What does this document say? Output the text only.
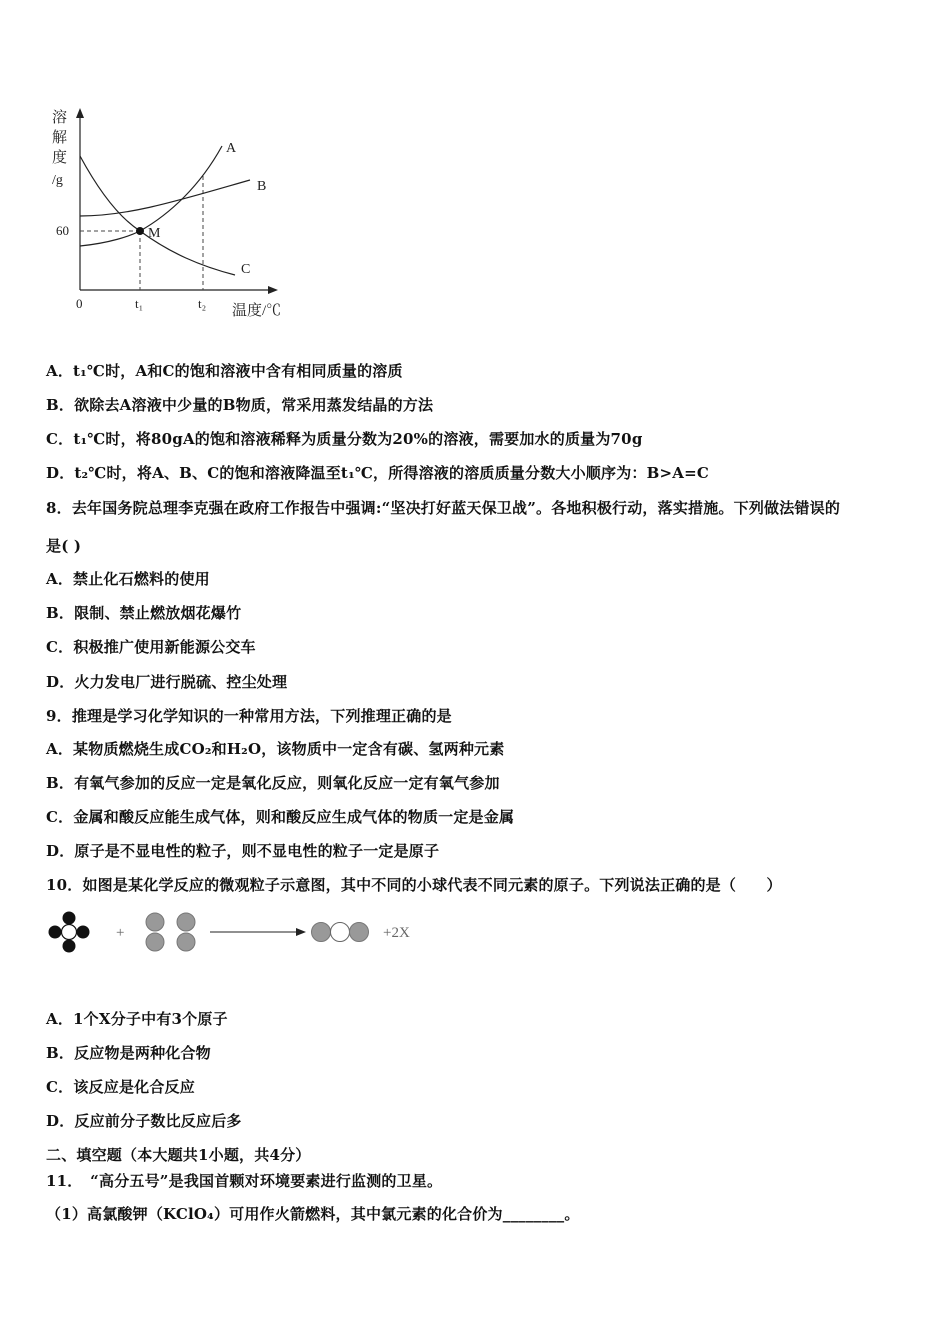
溶
解
度
/g
0
60
t₁	t₂ 温度/℃
M
A
B
C
A．t₁℃时，A和C的饱和溶液中含有相同质量的溶质
B．欲除去A溶液中少量的B物质，常采用蒸发结晶的方法
C．t₁℃时，将80gA的饱和溶液稀释为质量分数为20%的溶液，需要加水的质量为70g
D．t₂℃时，将A、B、C的饱和溶液降温至t₁℃，所得溶液的溶质质量分数大小顺序为：B>A=C
8．去年国务院总理李克强在政府工作报告中强调:“坚决打好蓝天保卫战”。各地积极行动，落实措施。下列做法错误的
是( )
A．禁止化石燃料的使用
B．限制、禁止燃放烟花爆竹
C．积极推广使用新能源公交车
D．火力发电厂进行脱硫、控尘处理
9．推理是学习化学知识的一种常用方法，下列推理正确的是
A．某物质燃烧生成CO₂和H₂O，该物质中一定含有碳、氢两种元素
B．有氧气参加的反应一定是氧化反应，则氧化反应一定有氧气参加
C．金属和酸反应能生成气体，则和酸反应生成气体的物质一定是金属
D．原子是不显电性的粒子，则不显电性的粒子一定是原子
10．如图是某化学反应的微观粒子示意图，其中不同的小球代表不同元素的原子。下列说法正确的是（　　）
+	+2X
A．1个X分子中有3个原子
B．反应物是两种化合物
C．该反应是化合反应
D．反应前分子数比反应后多
二、填空题（本大题共1小题，共4分）
11．　“高分五号”是我国首颗对环境要素进行监测的卫星。
（1）高氯酸钾（KClO₄）可用作火箭燃料，其中氯元素的化合价为________。
